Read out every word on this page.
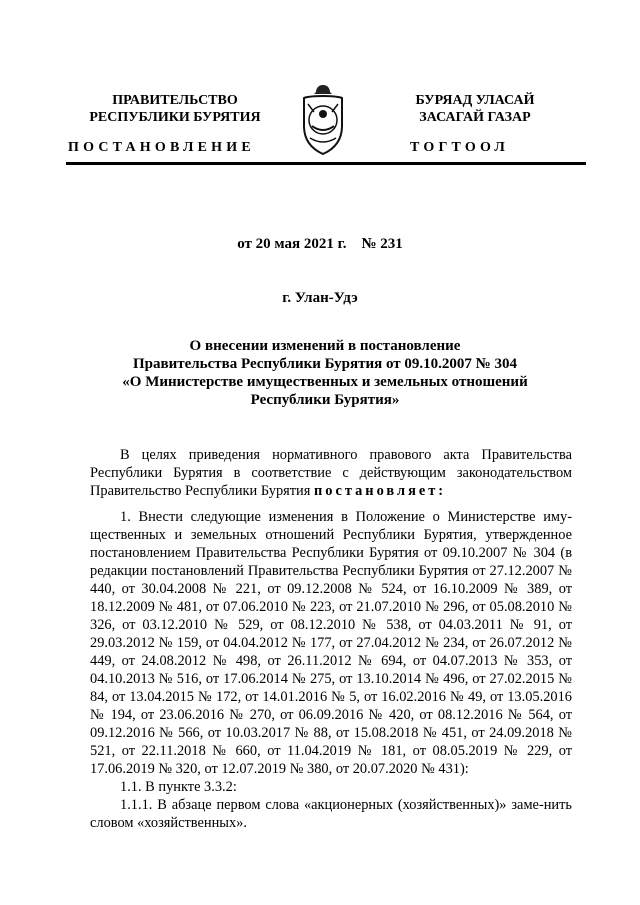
ПРАВИТЕЛЬСТВО
РЕСПУБЛИКИ БУРЯТИЯ
БУРЯАД УЛАСАЙ
ЗАСАГАЙ ГАЗАР
ПОСТАНОВЛЕНИЕ	ТОГТООЛ
от 20 мая 2021 г. № 231
г. Улан-Удэ
О внесении изменений в постановление
Правительства Республики Бурятия от 09.10.2007 № 304
«О Министерстве имущественных и земельных отношений
Республики Бурятия»
В целях приведения нормативного правового акта Правительства Республики Бурятия в соответствие с действующим законодательством Правительство Республики Бурятия постановляет:
1. Внести следующие изменения в Положение о Министерстве иму-щественных и земельных отношений Республики Бурятия, утвержденное постановлением Правительства Республики Бурятия от 09.10.2007 № 304 (в редакции постановлений Правительства Республики Бурятия от 27.12.2007 № 440, от 30.04.2008 № 221, от 09.12.2008 № 524, от 16.10.2009 № 389, от 18.12.2009 № 481, от 07.06.2010 № 223, от 21.07.2010 № 296, от 05.08.2010 № 326, от 03.12.2010 № 529, от 08.12.2010 № 538, от 04.03.2011 № 91, от 29.03.2012 № 159, от 04.04.2012 № 177, от 27.04.2012 № 234, от 26.07.2012 № 449, от 24.08.2012 № 498, от 26.11.2012 № 694, от 04.07.2013 № 353, от 04.10.2013 № 516, от 17.06.2014 № 275, от 13.10.2014 № 496, от 27.02.2015 № 84, от 13.04.2015 № 172, от 14.01.2016 № 5, от 16.02.2016 № 49, от 13.05.2016 № 194, от 23.06.2016 № 270, от 06.09.2016 № 420, от 08.12.2016 № 564, от 09.12.2016 № 566, от 10.03.2017 № 88, от 15.08.2018 № 451, от 24.09.2018 № 521, от 22.11.2018 № 660, от 11.04.2019 № 181, от 08.05.2019 № 229, от 17.06.2019 № 320, от 12.07.2019 № 380, от 20.07.2020 № 431):
1.1. В пункте 3.3.2:
1.1.1. В абзаце первом слова «акционерных (хозяйственных)» заме-нить словом «хозяйственных».
